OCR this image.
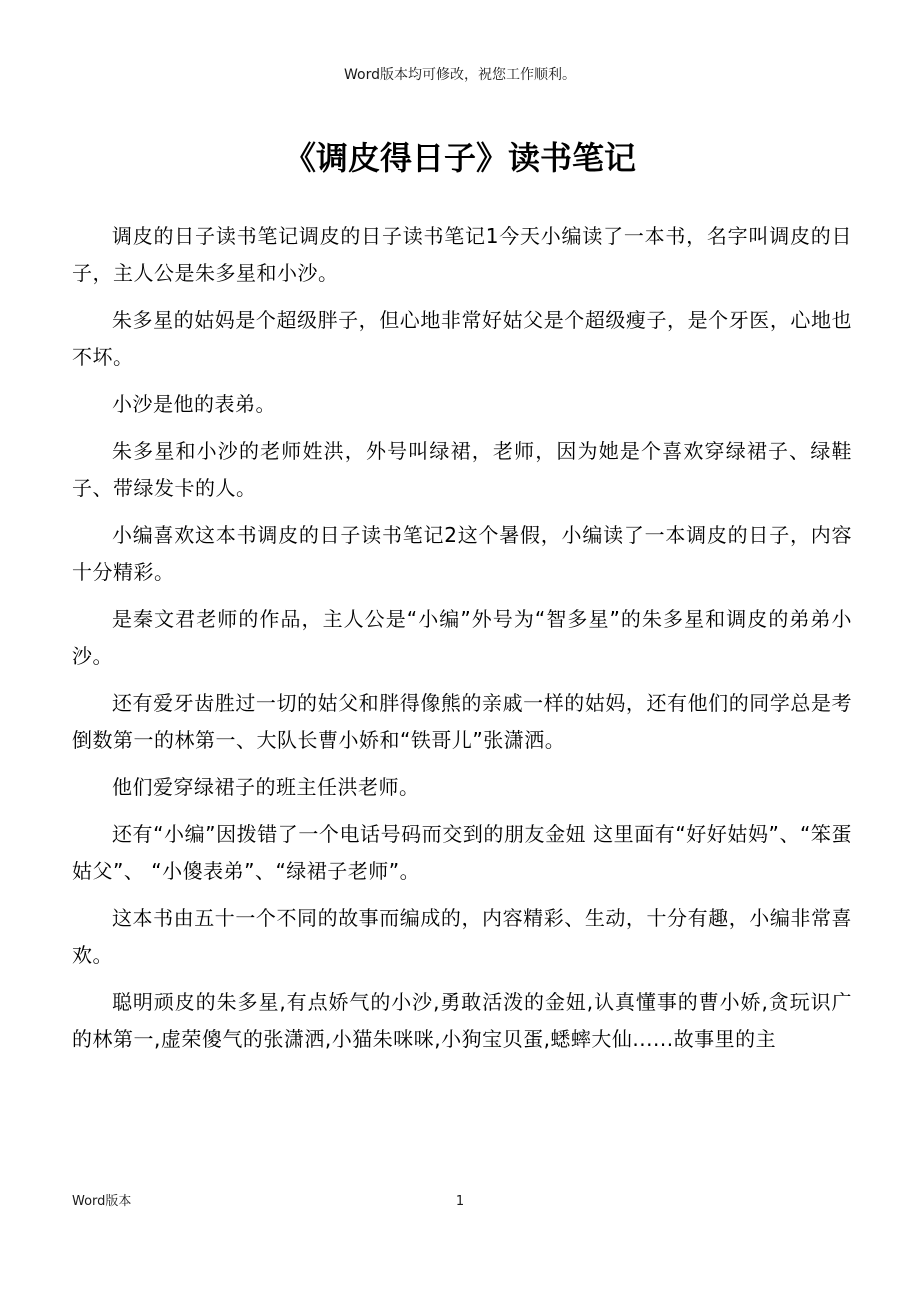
Word版本均可修改，祝您工作顺利。
《调皮得日子》读书笔记

调皮的日子读书笔记调皮的日子读书笔记1今天小编读了一本书，名字叫调皮的日子，主人公是朱多星和小沙。

朱多星的姑妈是个超级胖子，但心地非常好姑父是个超级瘦子，是个牙医，心地也不坏。

小沙是他的表弟。

朱多星和小沙的老师姓洪，外号叫绿裙，老师，因为她是个喜欢穿绿裙子、绿鞋子、带绿发卡的人。

小编喜欢这本书调皮的日子读书笔记2这个暑假，小编读了一本调皮的日子，内容十分精彩。

是秦文君老师的作品，主人公是“小编”外号为“智多星”的朱多星和调皮的弟弟小沙。

还有爱牙齿胜过一切的姑父和胖得像熊的亲戚一样的姑妈，还有他们的同学总是考倒数第一的林第一、大队长曹小娇和“铁哥儿”张潇洒。

他们爱穿绿裙子的班主任洪老师。

还有“小编”因拨错了一个电话号码而交到的朋友金妞 这里面有“好好姑妈”、“笨蛋姑父”、 “小傻表弟”、“绿裙子老师”。

这本书由五十一个不同的故事而编成的，内容精彩、生动，十分有趣，小编非常喜欢。

聪明顽皮的朱多星,有点娇气的小沙,勇敢活泼的金妞,认真懂事的曹小娇,贪玩识广的林第一,虚荣傻气的张潇洒,小猫朱咪咪,小狗宝贝蛋,蟋蟀大仙......故事里的主

Word版本	1
